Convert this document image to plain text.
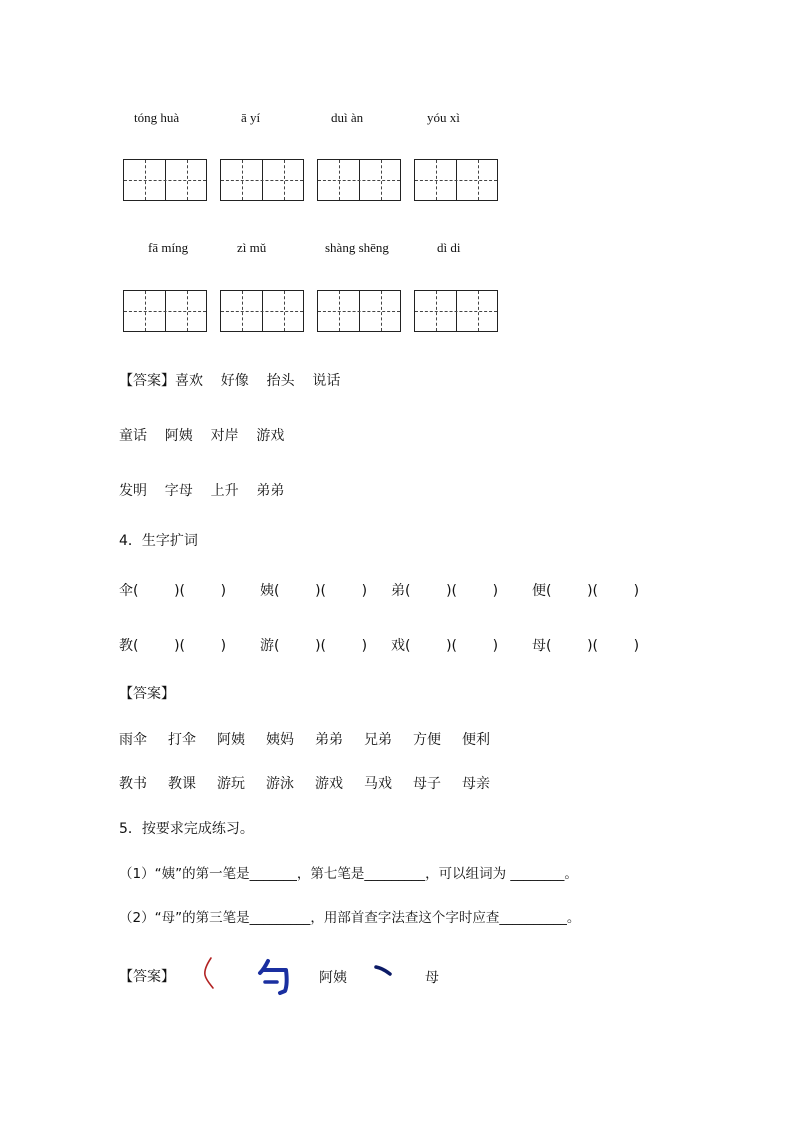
tóng huà	ā yí	duì àn	yóu xì
fā míng	zì mǔ	shàng shēng	dì di
【答案】喜欢    好像    抬头    说话
童话    阿姨    对岸    游戏
发明    字母    上升    弟弟
4．生字扩词
伞(        )(        ) 姨(        )(        ) 弟(        )(        ) 便(        )(        )
教(        )(        ) 游(        )(        ) 戏(        )(        ) 母(        )(        )
【答案】
雨伞 打伞 阿姨 姨妈 弟弟 兄弟 方便 便利
教书 教课 游玩 游泳 游戏 马戏 母子 母亲
5．按要求完成练习。
（1）“姨”的第一笔是_______，第七笔是_________，可以组词为 ________。
（2）“母”的第三笔是_________，用部首查字法查这个字时应查__________。
【答案】	阿姨	母
